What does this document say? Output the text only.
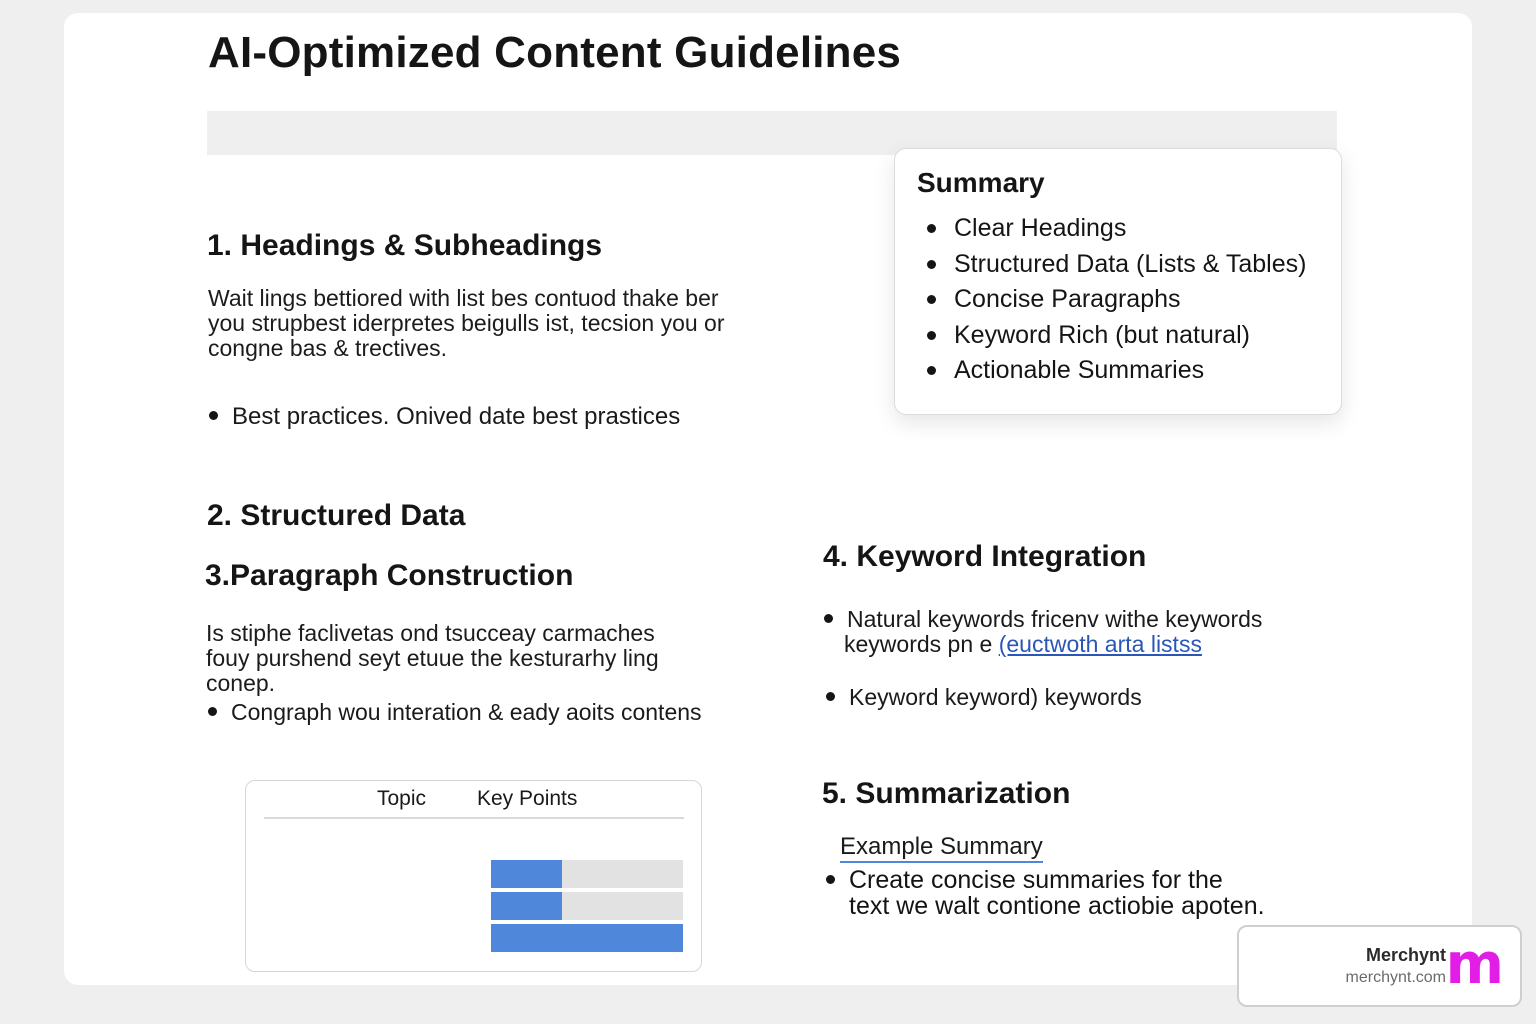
AI-Optimized Content Guidelines
1. Headings & Subheadings

Wait lings bettiored with list bes contuod thake ber

you strupbest iderpretes beigulls ist, tecsion you or

congne bas & trectives.

Best practices. Onived date best prastices
2. Structured Data
3.Paragraph Construction

Is stiphe faclivetas ond tsucceay carmaches

fouy purshend seyt etuue the kesturarhy ling

conep.

Congraph wou interation & eady aoits contens
Topic Key Points
Summary
Clear Headings
Structured Data (Lists & Tables)
Concise Paragraphs
Keyword Rich (but natural)
Actionable Summaries
4. Keyword Integration
Natural keywords fricenv withe keywords
keywords pn e (euctwoth arta listss
Keyword keyword) keywords
5. Summarization
Example Summary
Create concise summaries for the
text we walt contione actiobie apoten.
Merchynt
merchynt.com m
